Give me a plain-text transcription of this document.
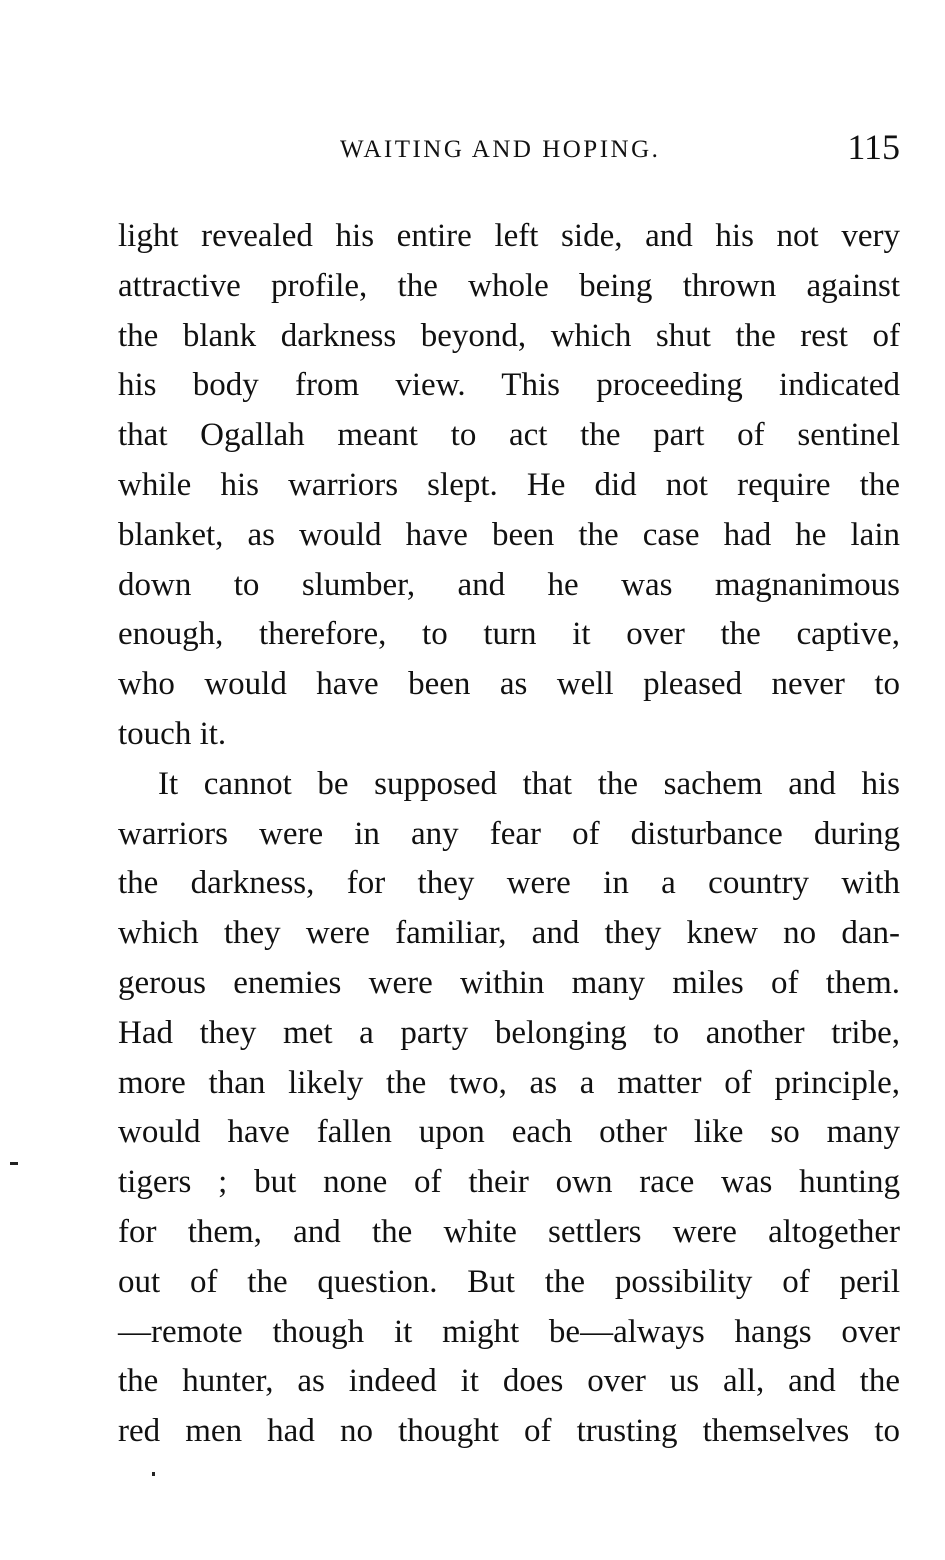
WAITING AND HOPING.	115
light revealed his entire left side, and his not very
attractive profile, the whole being thrown against
the blank darkness beyond, which shut the rest of
his body from view. This proceeding indicated
that Ogallah meant to act the part of sentinel
while his warriors slept. He did not require the
blanket, as would have been the case had he lain
down to slumber, and he was magnanimous
enough, therefore, to turn it over the captive,
who would have been as well pleased never to
touch it.
It cannot be supposed that the sachem and his
warriors were in any fear of disturbance during
the darkness, for they were in a country with
which they were familiar, and they knew no dan-
gerous enemies were within many miles of them.
Had they met a party belonging to another tribe,
more than likely the two, as a matter of principle,
would have fallen upon each other like so many
tigers ; but none of their own race was hunting
for them, and the white settlers were altogether
out of the question. But the possibility of peril
—remote though it might be—always hangs over
the hunter, as indeed it does over us all, and the
red men had no thought of trusting themselves to
